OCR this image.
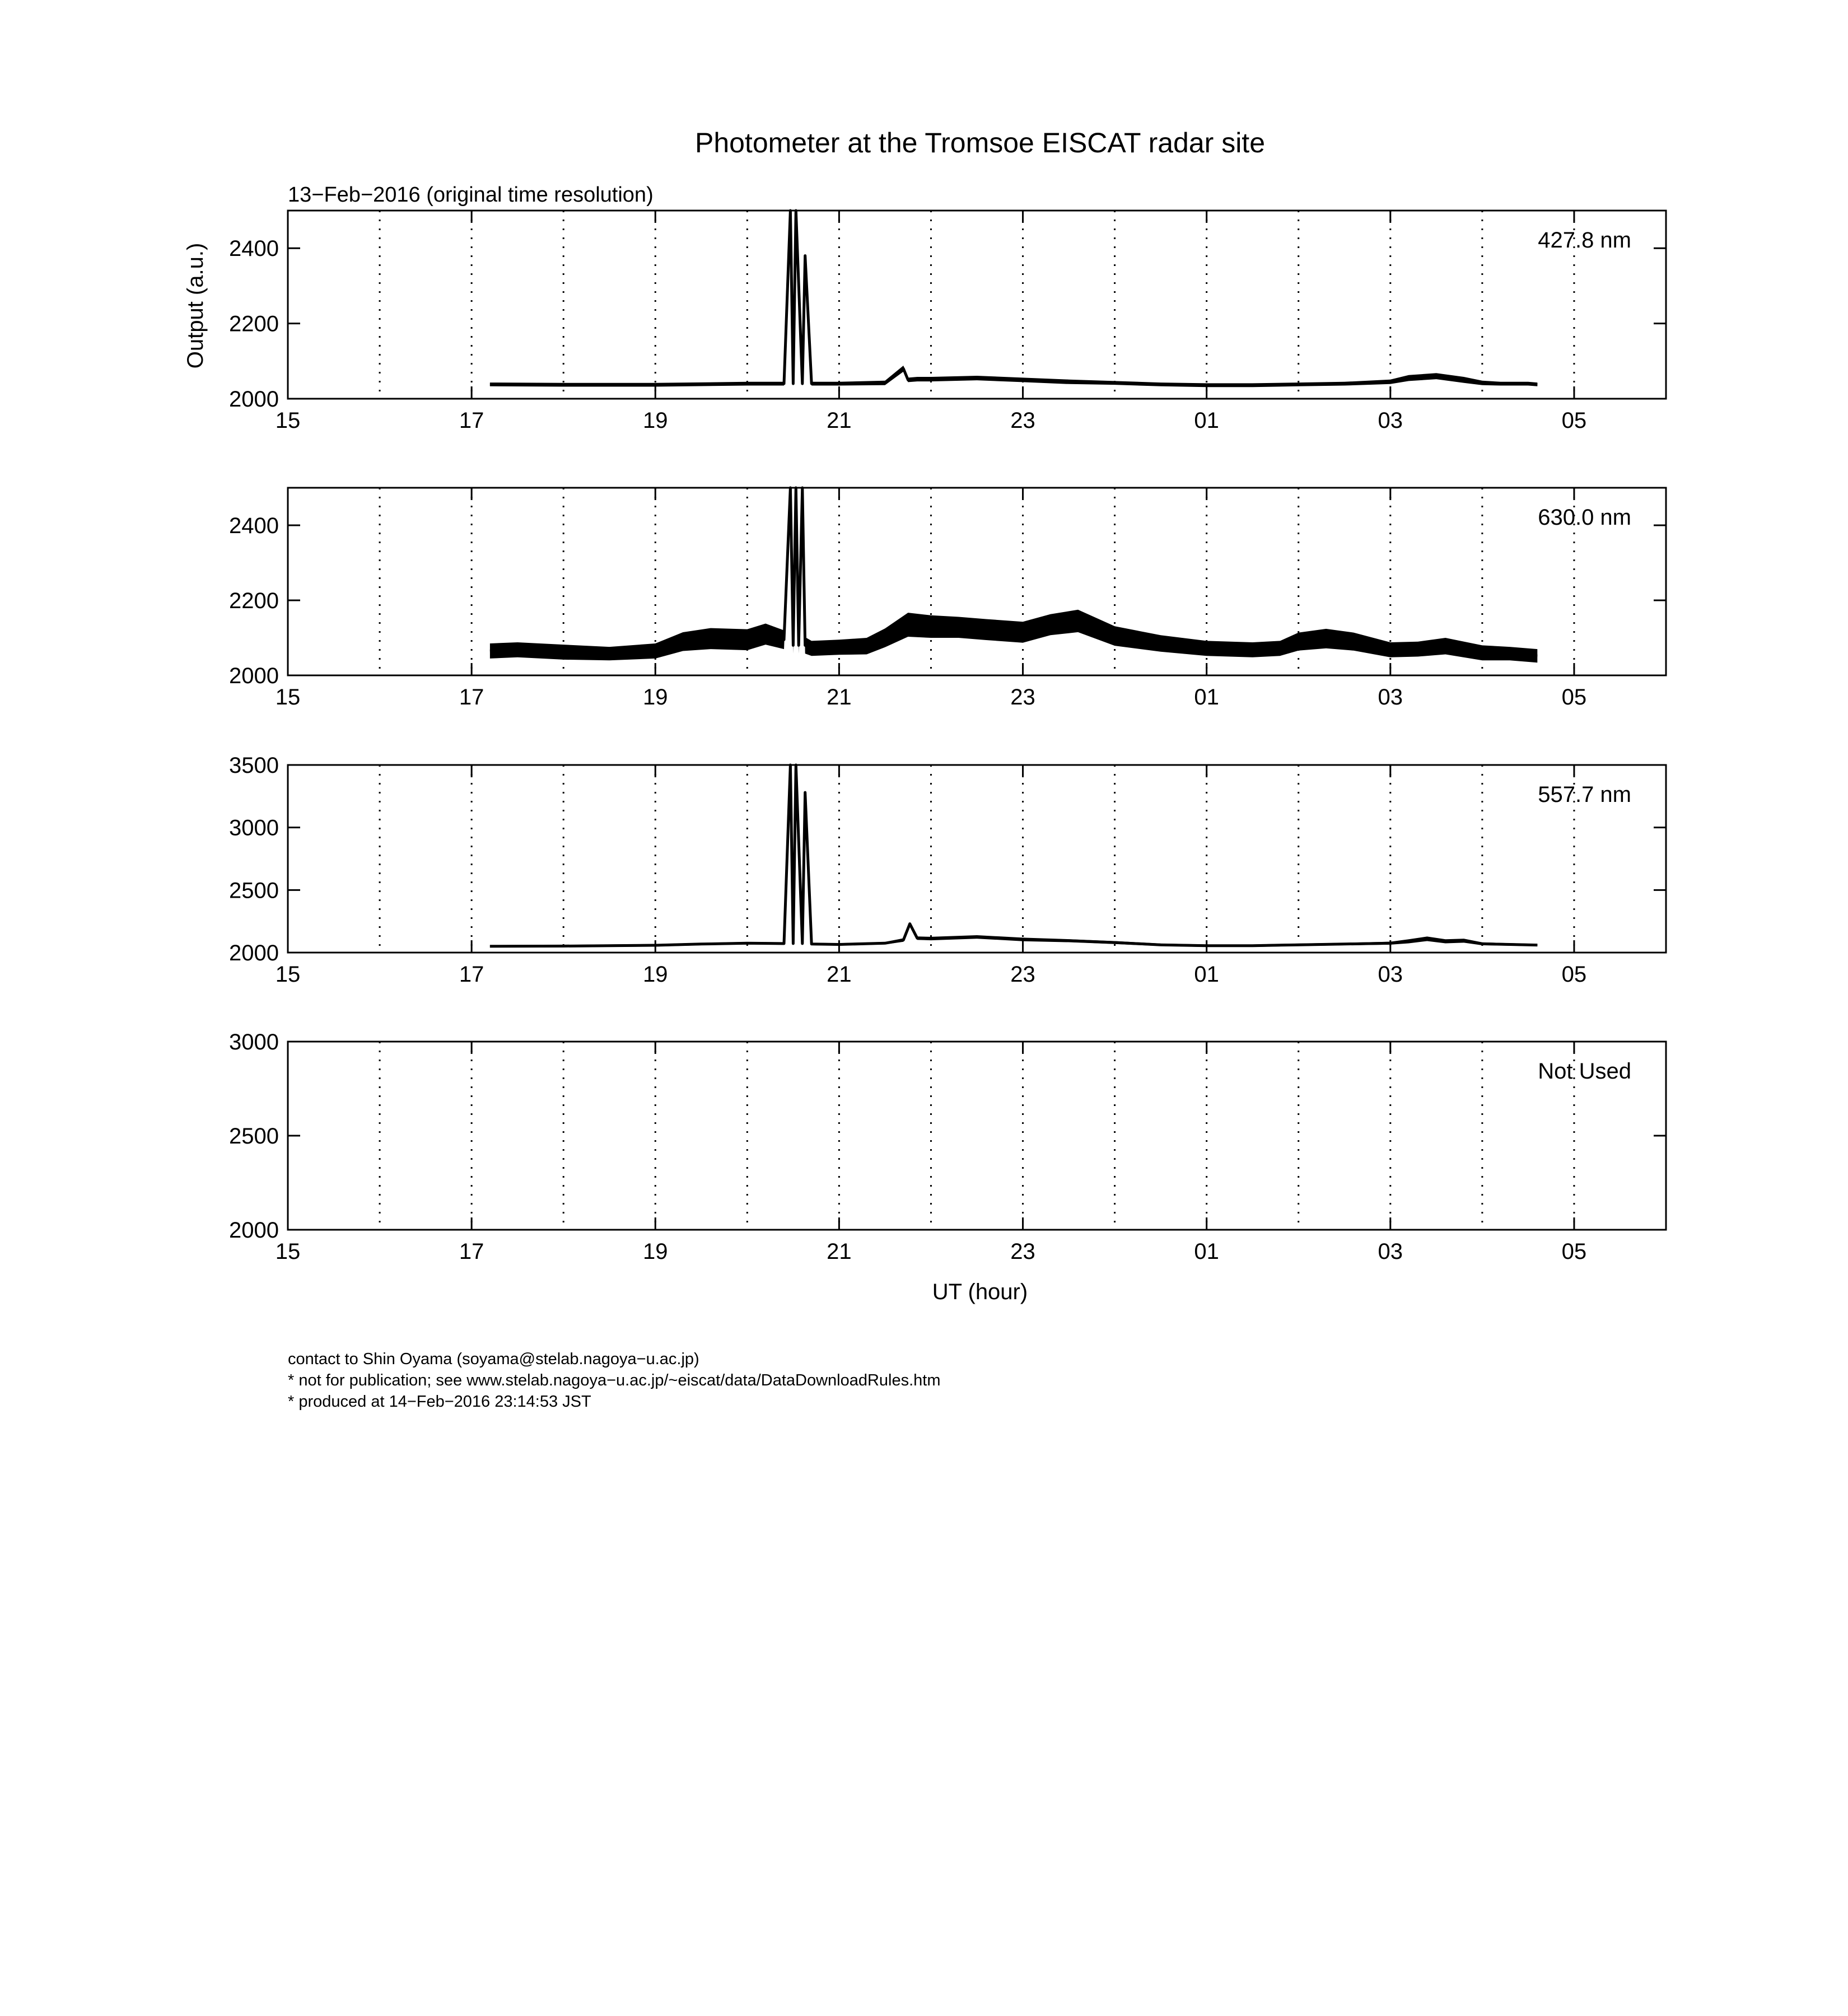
Photometer at the Tromsoe EISCAT radar site
13−Feb−2016 (original time resolution)
Output (a.u.)
UT (hour)
15	17	19	21	23	01	03	05
2000
2200
2400	427.8 nm
15	17	19	21	23	01	03	05
2000
2200
2400	630.0 nm
15	17	19	21	23	01	03	05
2000
2500
3000
3500
557.7 nm
15	17	19	21	23	01	03	05
2000
2500
3000
Not Used
contact to Shin Oyama (soyama@stelab.nagoya−u.ac.jp)
* not for publication; see www.stelab.nagoya−u.ac.jp/~eiscat/data/DataDownloadRules.htm
* produced at 14−Feb−2016 23:14:53 JST
